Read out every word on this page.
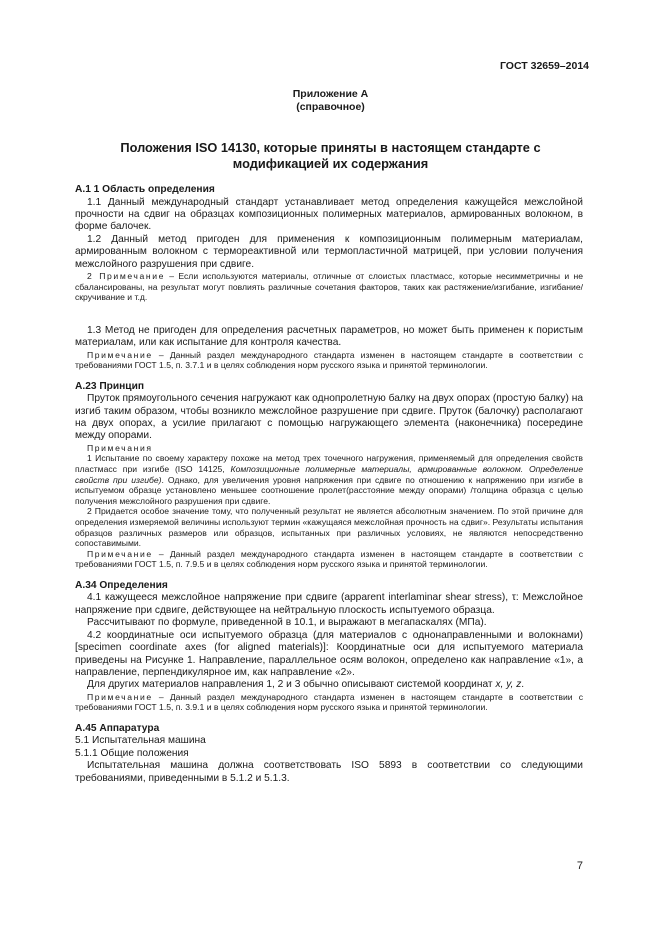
ГОСТ 32659–2014
Приложение А
(справочное)
Положения ISO 14130, которые приняты в настоящем стандарте с
модификацией их содержания
А.1 1 Область определения

1.1 Данный международный стандарт устанавливает метод определения кажущейся межслойной прочности на сдвиг на образцах композиционных полимерных материалов, армированных волокном, в форме балочек.

1.2 Данный метод пригоден для применения к композиционным полимерным материалам, армированным волокном с термореактивной или термопластичной матрицей, при условии получения межслойного разрушения при сдвиге.

2 Примечание – Если используются материалы, отличные от слоистых пластмасс, которые несимметричны и не сбалансированы, на результат могут повлиять различные сочетания факторов, таких как растяжение/изгибание, изгибание/скручивание и т.д.

1.3 Метод не пригоден для определения расчетных параметров, но может быть применен к пористым материалам, или как испытание для контроля качества.

Примечание – Данный раздел международного стандарта изменен в настоящем стандарте в соответствии с требованиями ГОСТ 1.5, п. 3.7.1 и в целях соблюдения норм русского языка и принятой терминологии.

А.23 Принцип

Пруток прямоугольного сечения нагружают как однопролетную балку на двух опорах (простую балку) на изгиб таким образом, чтобы возникло межслойное разрушение при сдвиге. Пруток (балочку) располагают на двух опорах, а усилие прилагают с помощью нагружающего элемента (наконечника) посередине между опорами.

Примечания

1 Испытание по своему характеру похоже на метод трех точечного нагружения, применяемый для определения свойств пластмасс при изгибе (ISO 14125, Композиционные полимерные материалы, армированные волокном. Определение свойств при изгибе). Однако, для увеличения уровня напряжения при сдвиге по отношению к напряжению при изгибе в испытуемом образце установлено меньшее соотношение пролет(расстояние между опорами) /толщина образца с целью получения межслойного разрушения при сдвиге.

2 Придается особое значение тому, что полученный результат не является абсолютным значением. По этой причине для определения измеряемой величины используют термин «кажущаяся межслойная прочность на сдвиг». Результаты испытания образцов различных размеров или образцов, испытанных при различных условиях, не являются непосредственно сопоставимыми.

Примечание – Данный раздел международного стандарта изменен в настоящем стандарте в соответствии с требованиями ГОСТ 1.5, п. 7.9.5 и в целях соблюдения норм русского языка и принятой терминологии.

А.34 Определения

4.1 кажущееся межслойное напряжение при сдвиге (apparent interlaminar shear stress), τ: Межслойное напряжение при сдвиге, действующее на нейтральную плоскость испытуемого образца.

Рассчитывают по формуле, приведенной в 10.1, и выражают в мегапаскалях (МПа).

4.2 координатные оси испытуемого образца (для материалов с однонаправленными и волокнами) [specimen coordinate axes (for aligned materials)]: Координатные оси для испытуемого материала приведены на Рисунке 1. Направление, параллельное осям волокон, определено как направление «1», а направление, перпендикулярное им, как направление «2».

Для других материалов направления 1, 2 и 3 обычно описывают системой координат x, y, z.

Примечание – Данный раздел международного стандарта изменен в настоящем стандарте в соответствии с требованиями ГОСТ 1.5, п. 3.9.1 и в целях соблюдения норм русского языка и принятой терминологии.

А.45 Аппаратура

5.1 Испытательная машина

5.1.1 Общие положения

Испытательная машина должна соответствовать ISO 5893 в соответствии со следующими требованиями, приведенными в 5.1.2 и 5.1.3.

7
